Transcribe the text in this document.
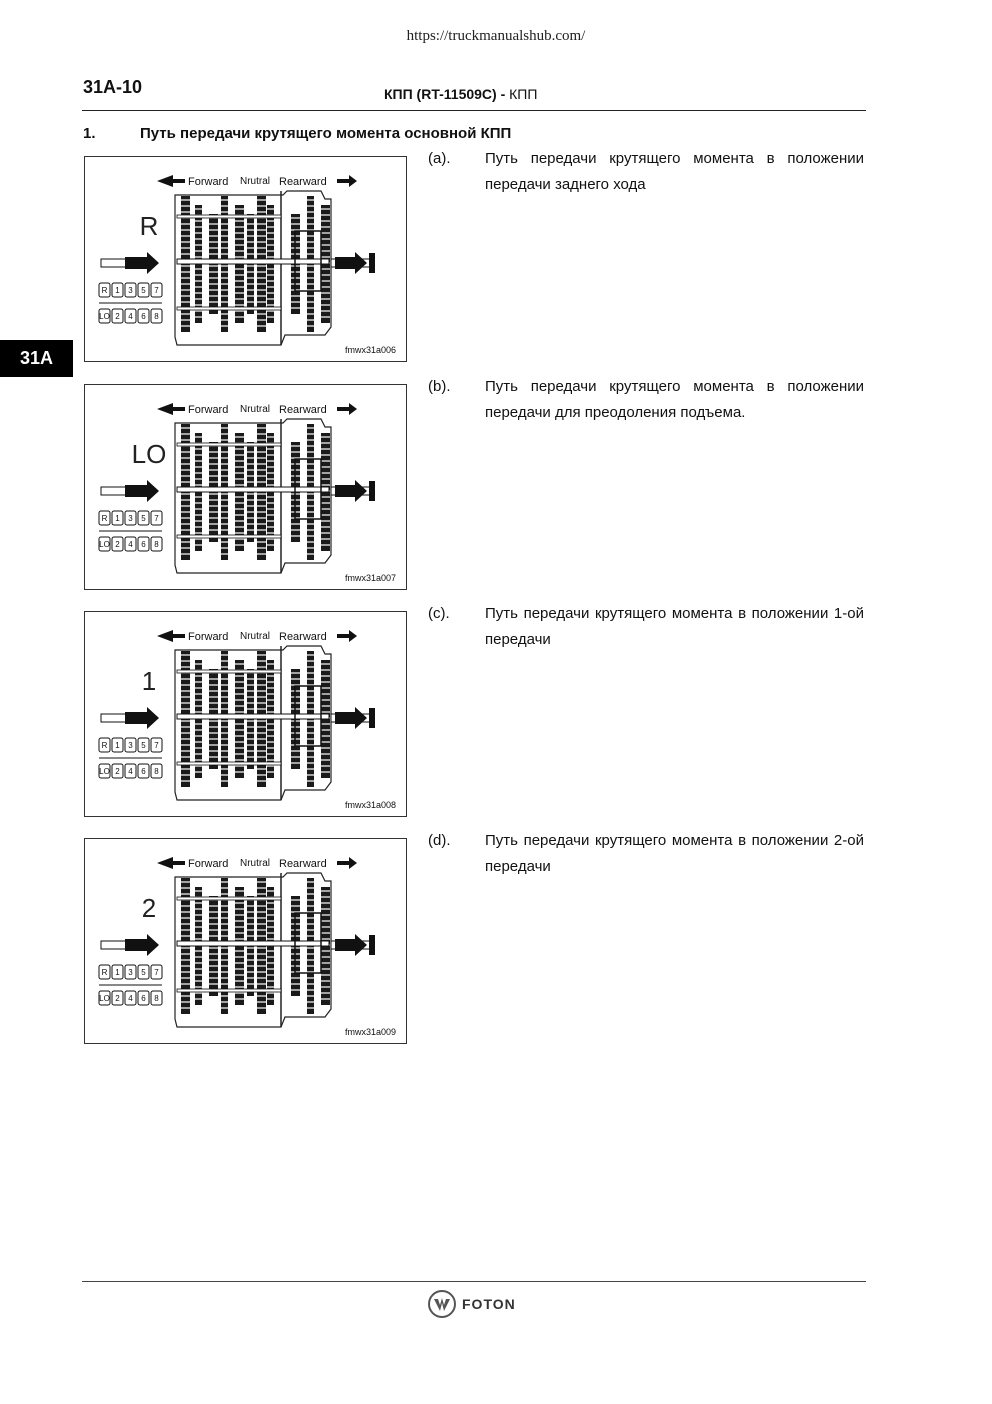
https://truckmanualshub.com/
31A-10	КПП (RT-11509C) - КПП
1.	Путь передачи крутящего момента основной КПП
31A
Forward Nrutral Rearward
R
R 1 3 5 7
LO 2 4 6 8
fmwx31a006
Forward Nrutral Rearward
LO
R 1 3 5 7
LO 2 4 6 8
fmwx31a007
Forward Nrutral Rearward
1
R 1 3 5 7
LO 2 4 6 8
fmwx31a008
Forward Nrutral Rearward
2
R 1 3 5 7
LO 2 4 6 8
fmwx31a009
(a). Путь передачи крутящего момента в положении передачи заднего хода
(b). Путь передачи крутящего момента в положении передачи для преодоления подъема.
(c). Путь передачи крутящего момента в положении 1-ой передачи
(d). Путь передачи крутящего момента в положении 2-ой передачи
FOTON
